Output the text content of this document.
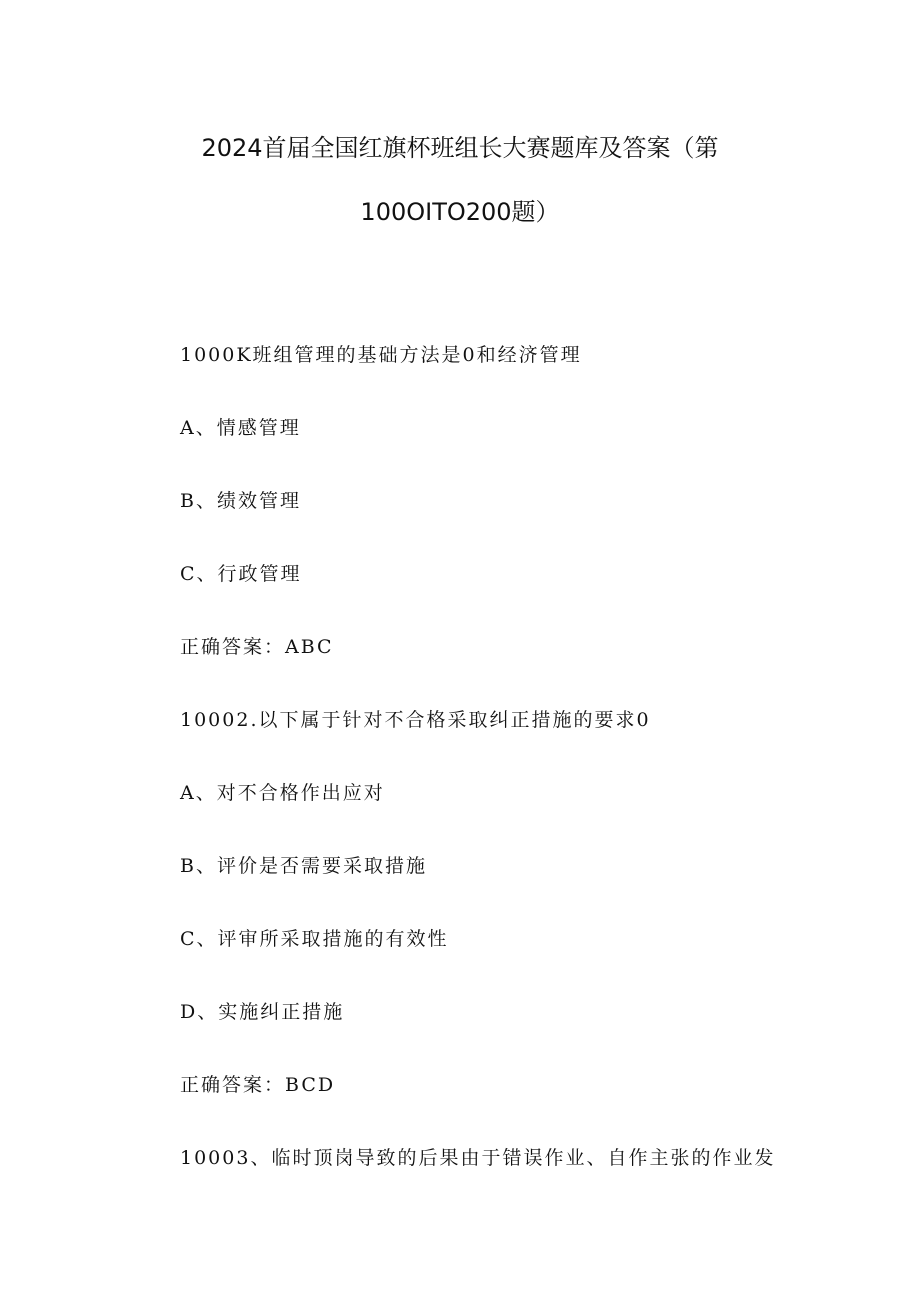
2024首届全国红旗杯班组长大赛题库及答案（第
100OITO200题）

1000K班组管理的基础方法是0和经济管理

A、情感管理

B、绩效管理

C、行政管理

正确答案：ABC

10002.以下属于针对不合格采取纠正措施的要求0

A、对不合格作出应对

B、评价是否需要采取措施

C、评审所采取措施的有效性

D、实施纠正措施

正确答案：BCD

10003、临时顶岗导致的后果由于错误作业、自作主张的作业发
